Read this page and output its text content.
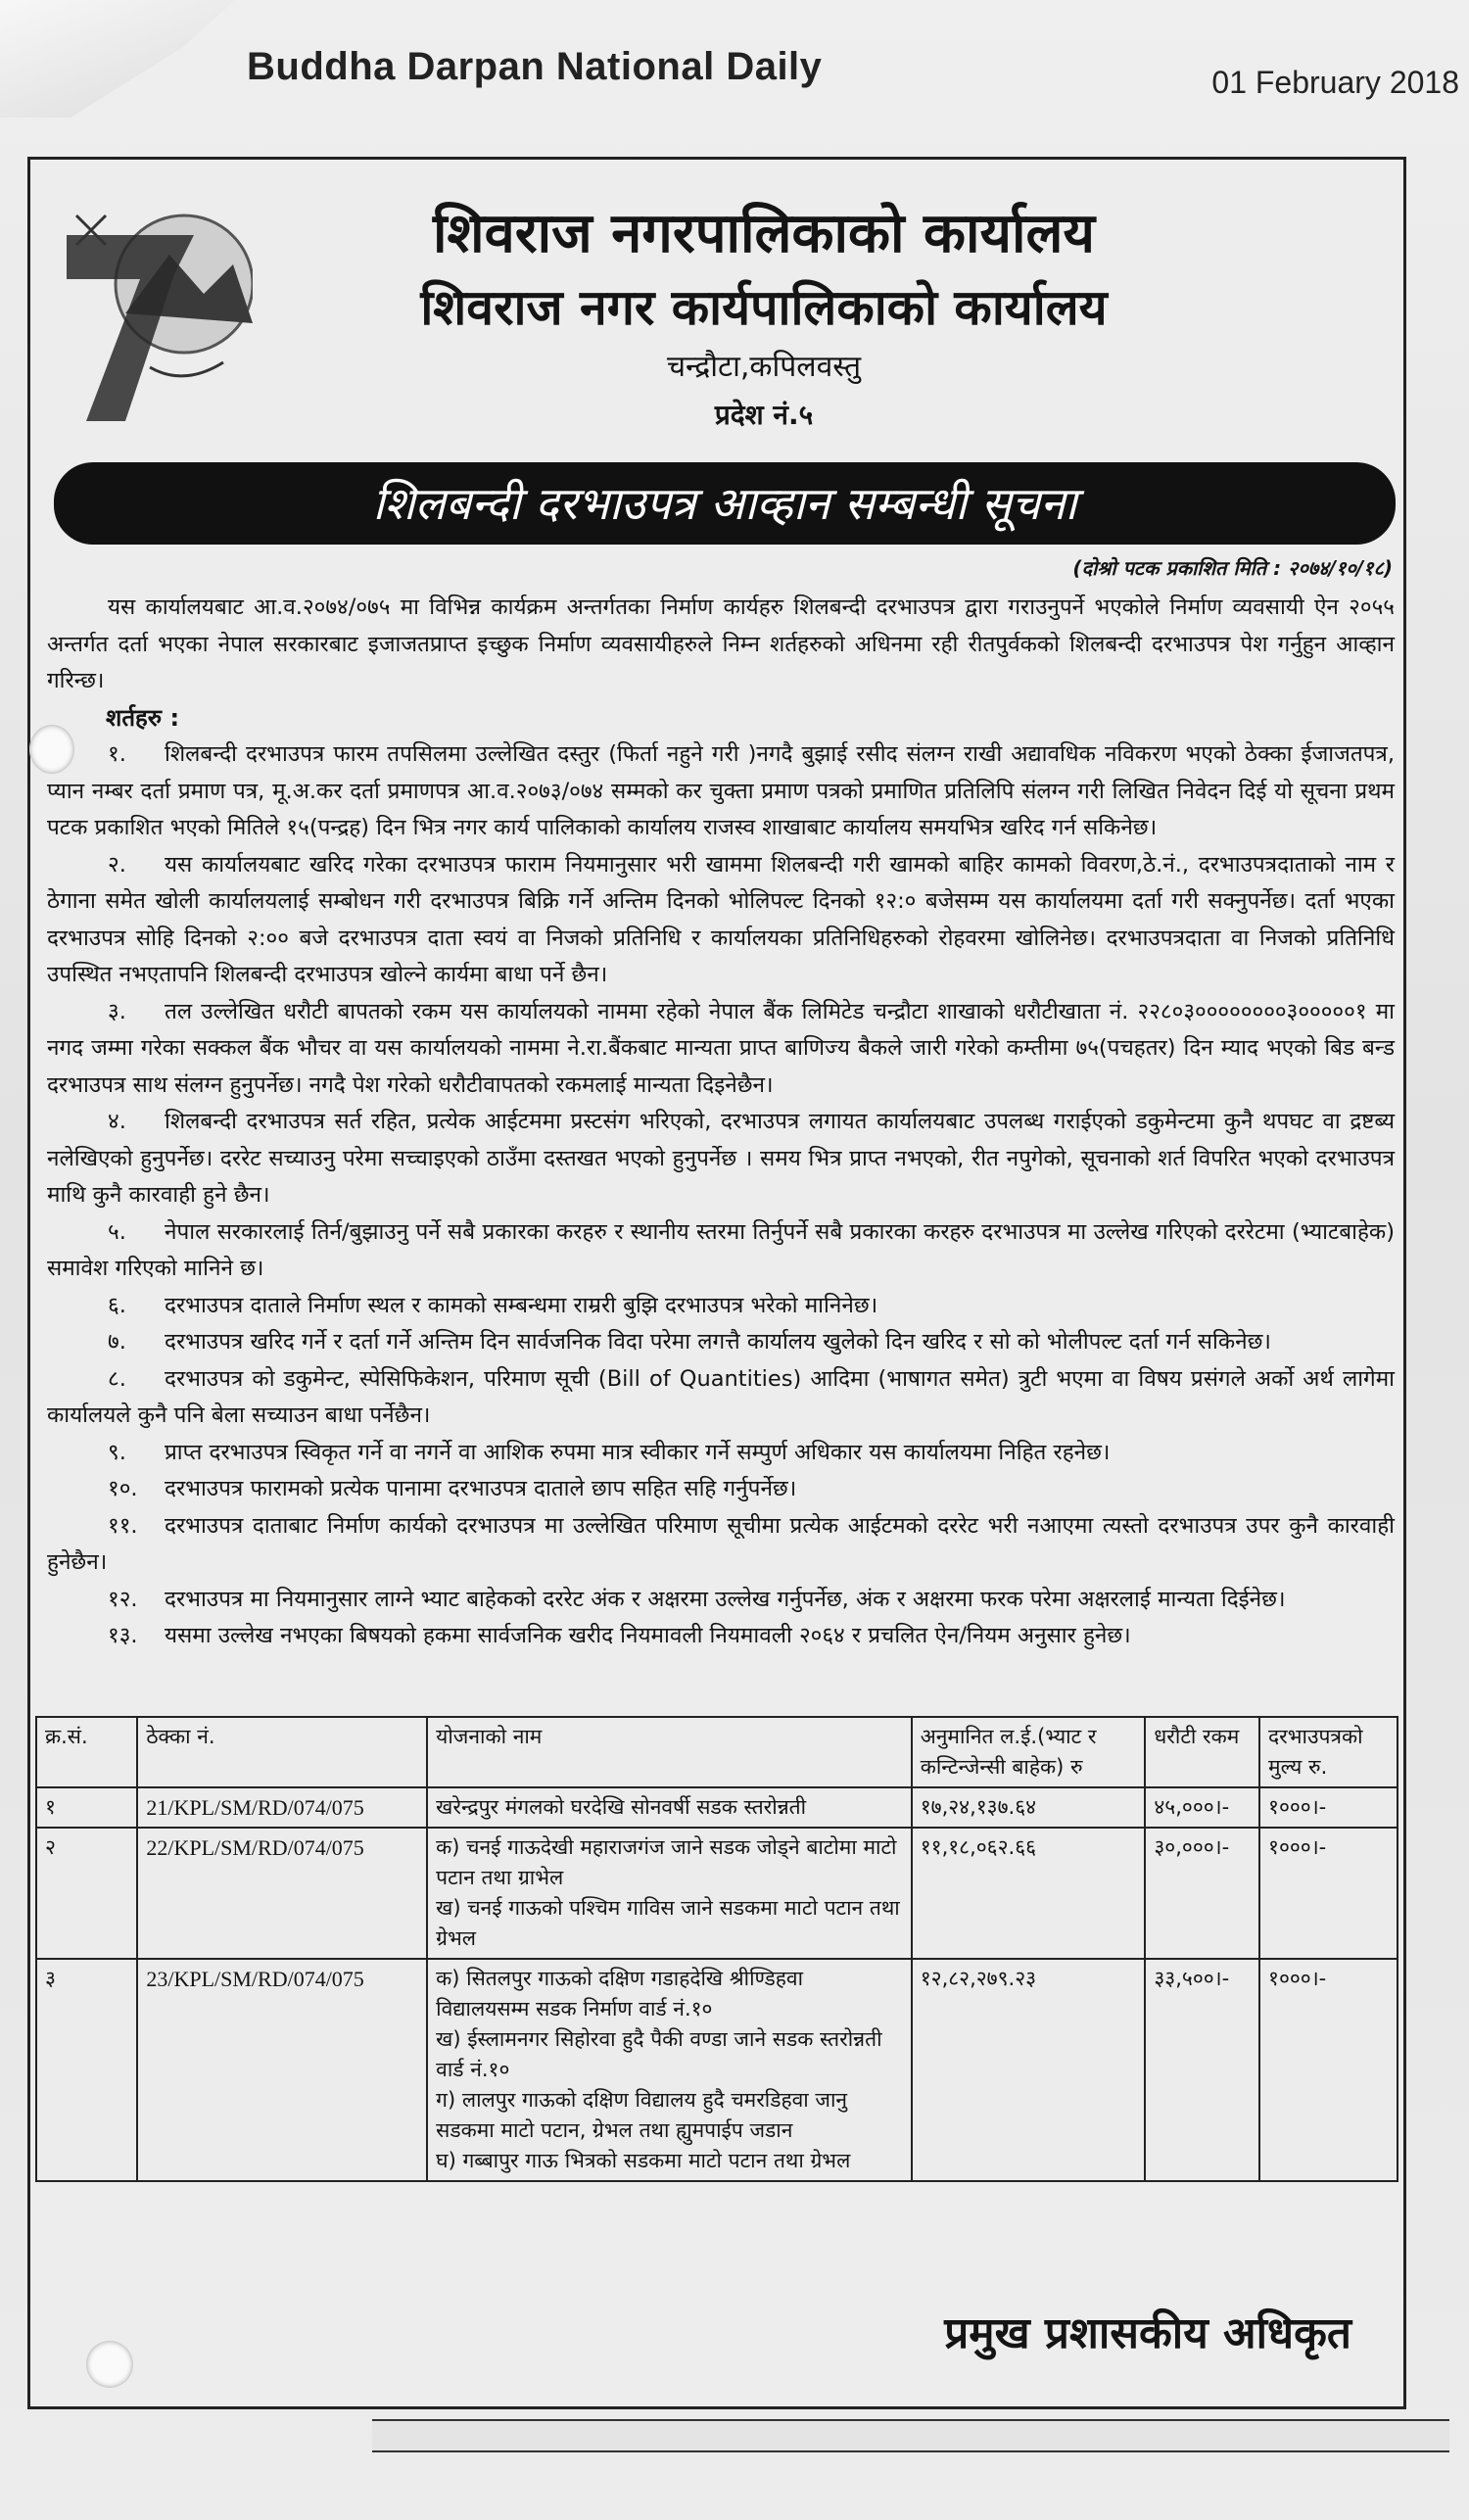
Buddha Darpan National Daily	01 February 2018
शिवराज नगरपालिकाको कार्यालय
शिवराज नगर कार्यपालिकाको कार्यालय
चन्द्रौटा,कपिलवस्तु
प्रदेश नं.५
शिलबन्दी दरभाउपत्र आव्हान सम्बन्धी सूचना
(दोश्रो पटक प्रकाशित मिति : २०७४/१०/१८)

यस कार्यालयबाट आ.व.२०७४/०७५ मा विभिन्न कार्यक्रम अन्तर्गतका निर्माण कार्यहरु शिलबन्दी दरभाउपत्र द्वारा गराउनुपर्ने भएकोले निर्माण व्यवसायी ऐन २०५५ अन्तर्गत दर्ता भएका नेपाल सरकारबाट इजाजतप्राप्त इच्छुक निर्माण व्यवसायीहरुले निम्न शर्तहरुको अधिनमा रही रीतपुर्वकको शिलबन्दी दरभाउपत्र पेश गर्नुहुन आव्हान गरिन्छ।

शर्तहरु :

१. शिलबन्दी दरभाउपत्र फारम तपसिलमा उल्लेखित दस्तुर (फिर्ता नहुने गरी )नगदै बुझाई रसीद संलग्न राखी अद्यावधिक नविकरण भएको ठेक्का ईजाजतपत्र, प्यान नम्बर दर्ता प्रमाण पत्र, मू.अ.कर दर्ता प्रमाणपत्र आ.व.२०७३/०७४ सम्मको कर चुक्ता प्रमाण पत्रको प्रमाणित प्रतिलिपि संलग्न गरी लिखित निवेदन दिई यो सूचना प्रथम पटक प्रकाशित भएको मितिले १५(पन्द्रह) दिन भित्र नगर कार्य पालिकाको कार्यालय राजस्व शाखाबाट कार्यालय समयभित्र खरिद गर्न सकिनेछ।

२. यस कार्यालयबाट खरिद गरेका दरभाउपत्र फाराम नियमानुसार भरी खाममा शिलबन्दी गरी खामको बाहिर कामको विवरण,ठे.नं., दरभाउपत्रदाताको नाम र ठेगाना समेत खोली कार्यालयलाई सम्बोधन गरी दरभाउपत्र बिक्रि गर्ने अन्तिम दिनको भोलिपल्ट दिनको १२:० बजेसम्म यस कार्यालयमा दर्ता गरी सक्नुपर्नेछ। दर्ता भएका दरभाउपत्र सोहि दिनको २:०० बजे दरभाउपत्र दाता स्वयं वा निजको प्रतिनिधि र कार्यालयका प्रतिनिधिहरुको रोहवरमा खोलिनेछ। दरभाउपत्रदाता वा निजको प्रतिनिधि उपस्थित नभएतापनि शिलबन्दी दरभाउपत्र खोल्ने कार्यमा बाधा पर्ने छैन।

३. तल उल्लेखित धरौटी बापतको रकम यस कार्यालयको नाममा रहेको नेपाल बैंक लिमिटेड चन्द्रौटा शाखाको धरौटीखाता नं. २२८०३००००००००३०००००१ मा नगद जम्मा गरेका सक्कल बैंक भौचर वा यस कार्यालयको नाममा ने.रा.बैंकबाट मान्यता प्राप्त बाणिज्य बैकले जारी गरेको कम्तीमा ७५(पचहतर) दिन म्याद भएको बिड बन्ड दरभाउपत्र साथ संलग्न हुनुपर्नेछ। नगदै पेश गरेको धरौटीवापतको रकमलाई मान्यता दिइनेछैन।

४. शिलबन्दी दरभाउपत्र सर्त रहित, प्रत्येक आईटममा प्रस्टसंग भरिएको, दरभाउपत्र लगायत कार्यालयबाट उपलब्ध गराईएको डकुमेन्टमा कुनै थपघट वा द्रष्टब्य नलेखिएको हुनुपर्नेछ। दररेट सच्याउनु परेमा सच्चाइएको ठाउँमा दस्तखत भएको हुनुपर्नेछ । समय भित्र प्राप्त नभएको, रीत नपुगेको, सूचनाको शर्त विपरित भएको दरभाउपत्र माथि कुनै कारवाही हुने छैन।

५. नेपाल सरकारलाई तिर्न/बुझाउनु पर्ने सबै प्रकारका करहरु र स्थानीय स्तरमा तिर्नुपर्ने सबै प्रकारका करहरु दरभाउपत्र मा उल्लेख गरिएको दररेटमा (भ्याटबाहेक) समावेश गरिएको मानिने छ।

६. दरभाउपत्र दाताले निर्माण स्थल र कामको सम्बन्धमा राम्ररी बुझि दरभाउपत्र भरेको मानिनेछ।

७. दरभाउपत्र खरिद गर्ने र दर्ता गर्ने अन्तिम दिन सार्वजनिक विदा परेमा लगत्तै कार्यालय खुलेको दिन खरिद र सो को भोलीपल्ट दर्ता गर्न सकिनेछ।

८. दरभाउपत्र को डकुमेन्ट, स्पेसिफिकेशन, परिमाण सूची (Bill of Quantities) आदिमा (भाषागत समेत) त्रुटी भएमा वा विषय प्रसंगले अर्को अर्थ लागेमा कार्यालयले कुनै पनि बेला सच्याउन बाधा पर्नेछैन।

९. प्राप्त दरभाउपत्र स्विकृत गर्ने वा नगर्ने वा आशिक रुपमा मात्र स्वीकार गर्ने सम्पुर्ण अधिकार यस कार्यालयमा निहित रहनेछ।

१०. दरभाउपत्र फारामको प्रत्येक पानामा दरभाउपत्र दाताले छाप सहित सहि गर्नुपर्नेछ।

११. दरभाउपत्र दाताबाट निर्माण कार्यको दरभाउपत्र मा उल्लेखित परिमाण सूचीमा प्रत्येक आईटमको दररेट भरी नआएमा त्यस्तो दरभाउपत्र उपर कुनै कारवाही हुनेछैन।

१२. दरभाउपत्र मा नियमानुसार लाग्ने भ्याट बाहेकको दररेट अंक र अक्षरमा उल्लेख गर्नुपर्नेछ, अंक र अक्षरमा फरक परेमा अक्षरलाई मान्यता दिईनेछ।

१३. यसमा उल्लेख नभएका बिषयको हकमा सार्वजनिक खरीद नियमावली नियमावली २०६४ र प्रचलित ऐन/नियम अनुसार हुनेछ।

क्र.सं.	ठेक्का नं.	योजनाको नाम	अनुमानित ल.ई.(भ्याट र कन्टिन्जेन्सी बाहेक) रु	धरौटी रकम	दरभाउपत्रको मुल्य रु.
१	21/KPL/SM/RD/074/075	खरेन्द्रपुर मंगलको घरदेखि सोनवर्षी सडक स्तरोन्नती	१७,२४,१३७.६४	४५,०००।-	१०००।-
२	22/KPL/SM/RD/074/075	क) चनई गाऊदेखी महाराजगंज जाने सडक जोड्ने बाटोमा माटो पटान तथा ग्राभेल
ख) चनई गाऊको पश्चिम गाविस जाने सडकमा माटो पटान तथा ग्रेभल	११,१८,०६२.६६	३०,०००।-	१०००।-
३	23/KPL/SM/RD/074/075	क) सितलपुर गाऊको दक्षिण गडाहदेखि श्रीण्डिहवा विद्यालयसम्म सडक निर्माण वार्ड नं.१०
ख) ईस्लामनगर सिहोरवा हुदै पैकी वण्डा जाने सडक स्तरोन्नती वार्ड नं.१०
ग) लालपुर गाऊको दक्षिण विद्यालय हुदै चमरडिहवा जानु सडकमा माटो पटान, ग्रेभल तथा ह्युमपाईप जडान
घ) गब्बापुर गाऊ भित्रको सडकमा माटो पटान तथा ग्रेभल	१२,८२,२७९.२३	३३,५००।-	१०००।-
प्रमुख प्रशासकीय अधिकृत
